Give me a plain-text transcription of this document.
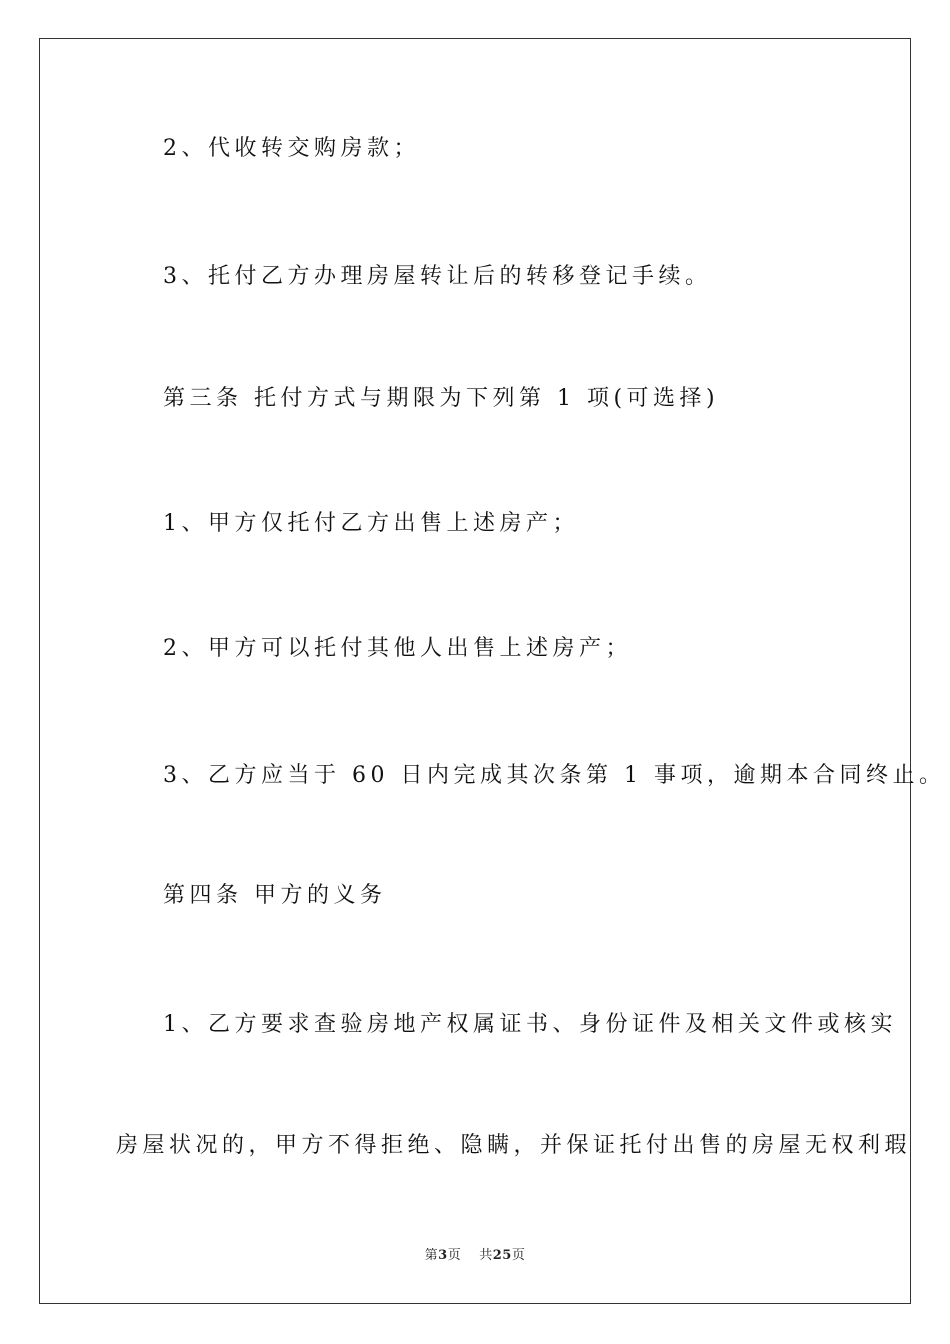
2、代收转交购房款；
3、托付乙方办理房屋转让后的转移登记手续。
第三条 托付方式与期限为下列第 1 项(可选择)
1、甲方仅托付乙方出售上述房产；
2、甲方可以托付其他人出售上述房产；
3、乙方应当于 60 日内完成其次条第 1 事项，逾期本合同终止。
第四条 甲方的义务
1、乙方要求查验房地产权属证书、身份证件及相关文件或核实
房屋状况的，甲方不得拒绝、隐瞒，并保证托付出售的房屋无权利瑕
第3页 共25页
